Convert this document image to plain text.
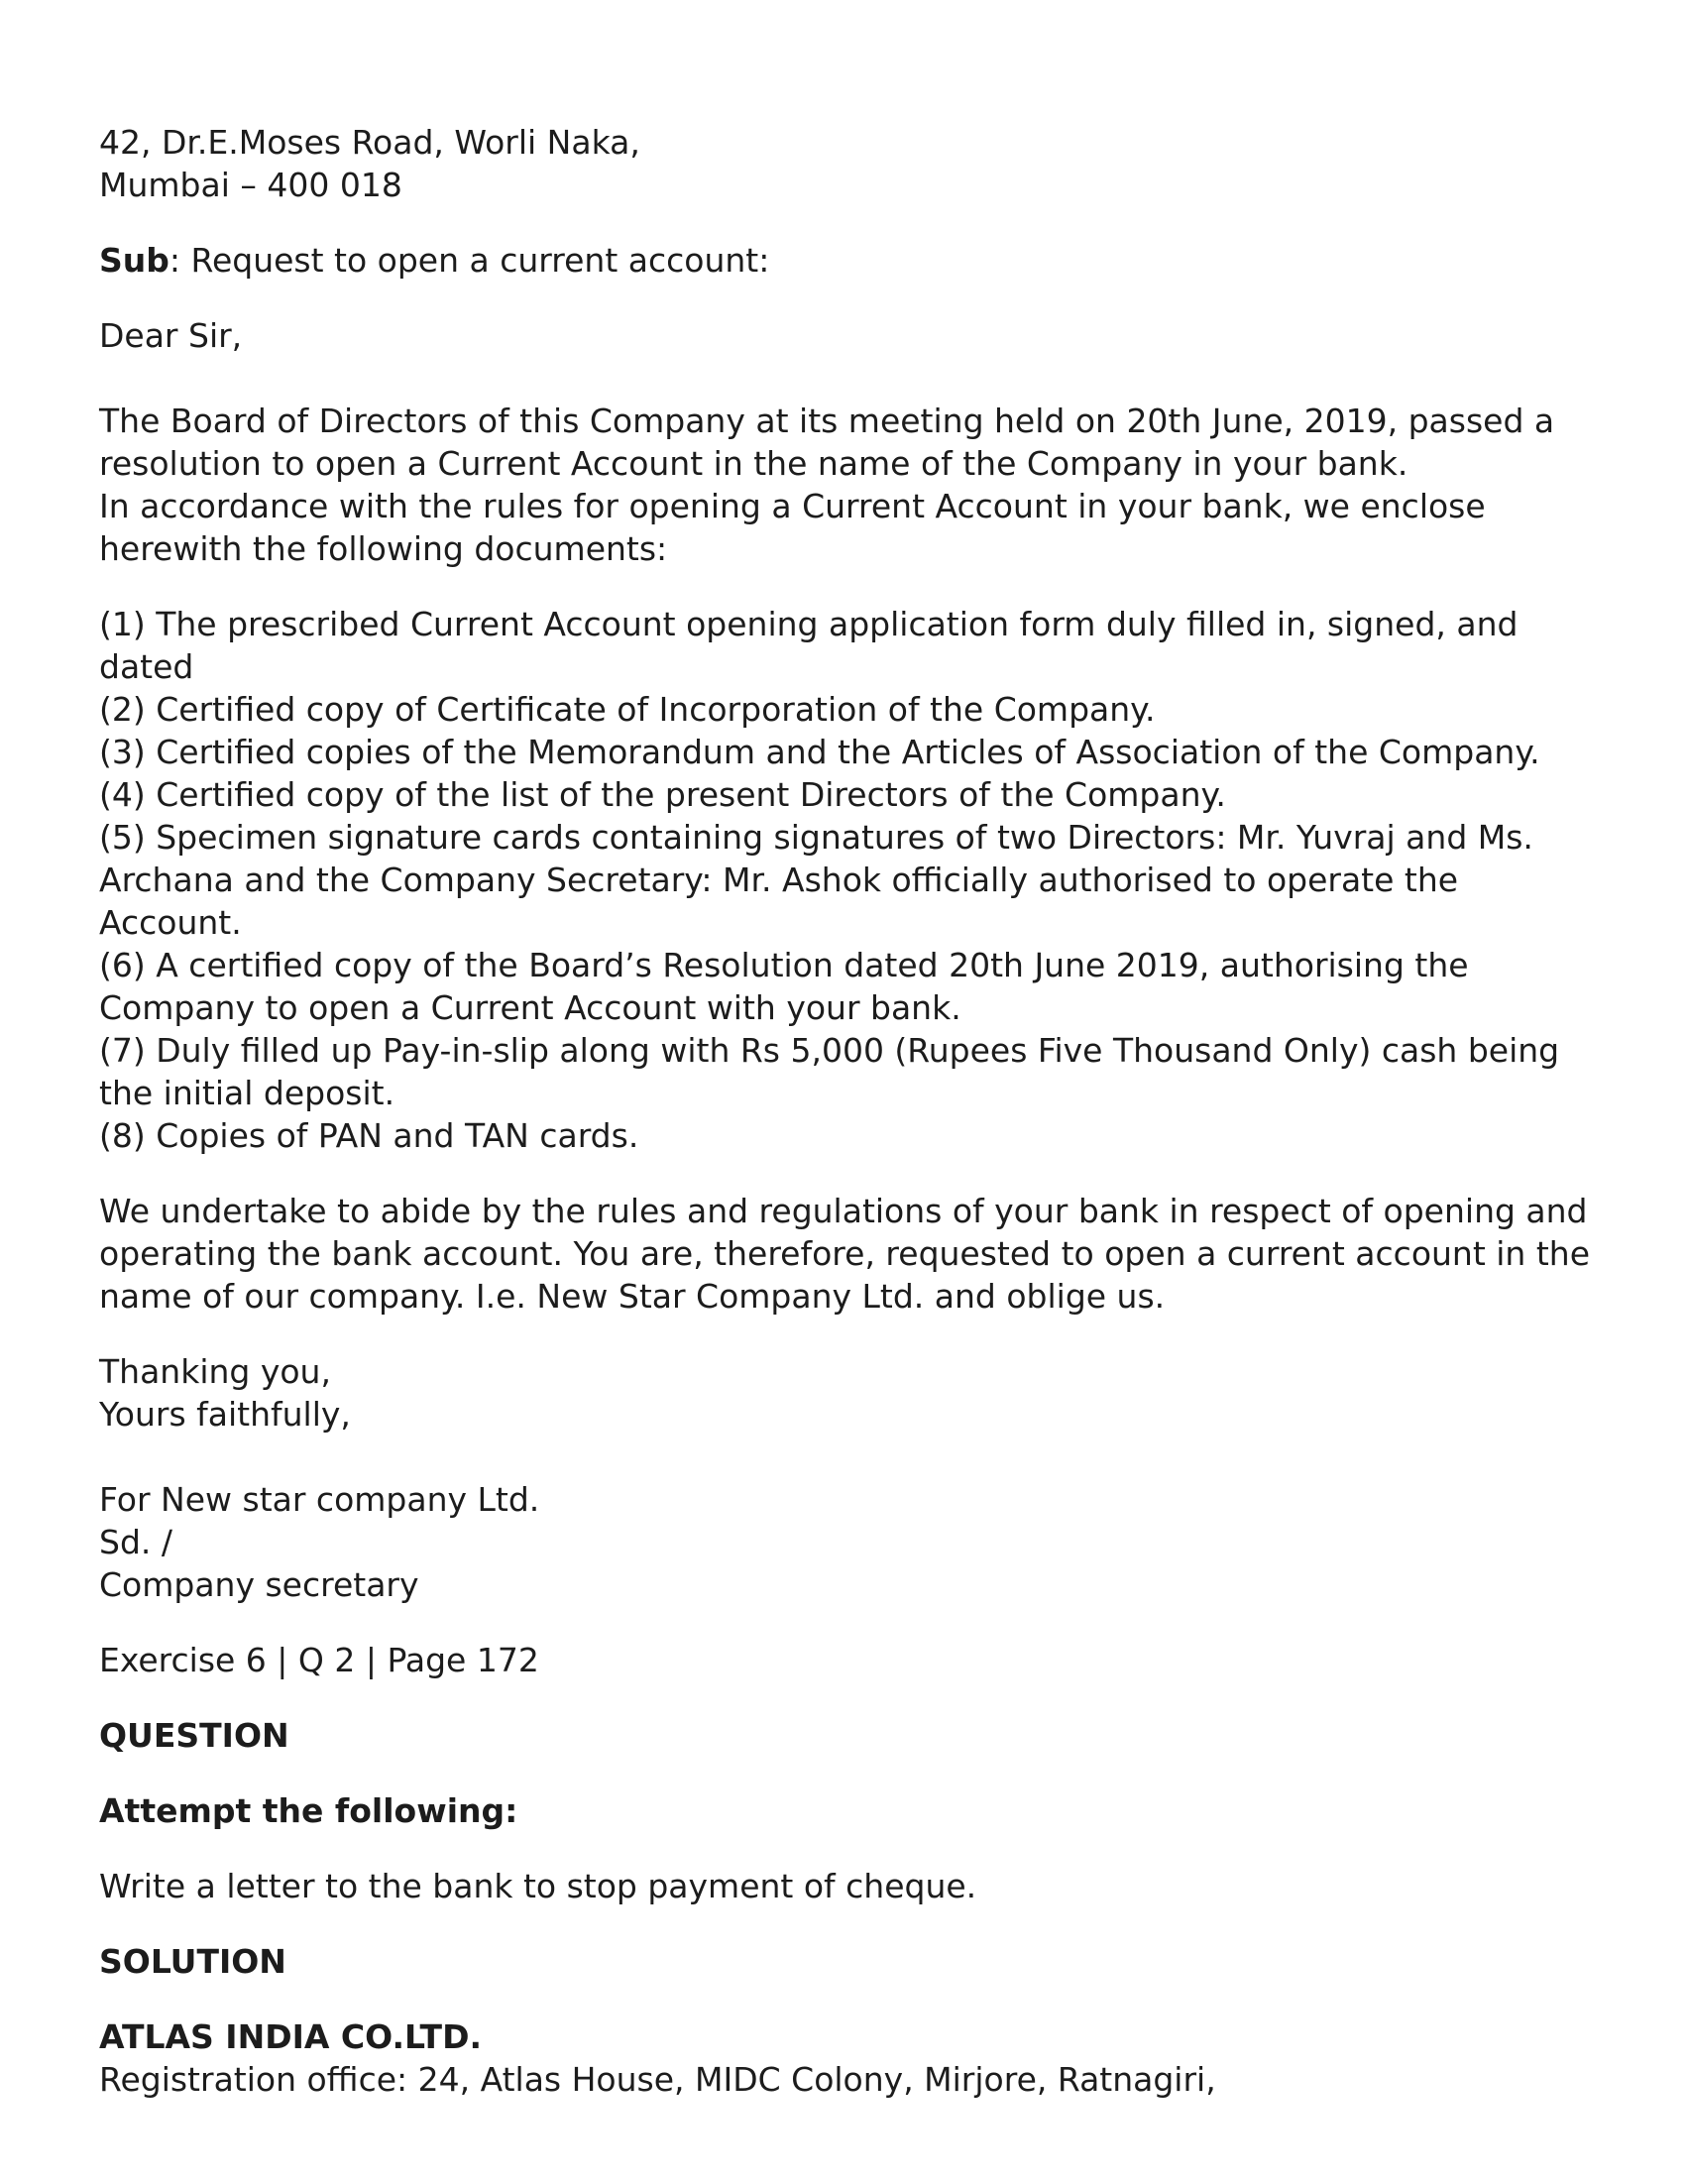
42, Dr.E.Moses Road, Worli Naka,
Mumbai – 400 018

Sub: Request to open a current account:

Dear Sir,

The Board of Directors of this Company at its meeting held on 20th June, 2019, passed a resolution to open a Current Account in the name of the Company in your bank.
In accordance with the rules for opening a Current Account in your bank, we enclose herewith the following documents:
(1) The prescribed Current Account opening application form duly filled in, signed, and dated
(2) Certified copy of Certificate of Incorporation of the Company.
(3) Certified copies of the Memorandum and the Articles of Association of the Company.
(4) Certified copy of the list of the present Directors of the Company.
(5) Specimen signature cards containing signatures of two Directors: Mr. Yuvraj and Ms. Archana and the Company Secretary: Mr. Ashok officially authorised to operate the Account.
(6) A certified copy of the Board’s Resolution dated 20th June 2019, authorising the Company to open a Current Account with your bank.
(7) Duly filled up Pay-in-slip along with Rs 5,000 (Rupees Five Thousand Only) cash being the initial deposit.
(8) Copies of PAN and TAN cards.

We undertake to abide by the rules and regulations of your bank in respect of opening and operating the bank account. You are, therefore, requested to open a current account in the name of our company. I.e. New Star Company Ltd. and oblige us.

Thanking you,
Yours faithfully,
For New star company Ltd.
Sd. /
Company secretary

Exercise 6 | Q 2 | Page 172

QUESTION

Attempt the following:

Write a letter to the bank to stop payment of cheque.

SOLUTION

ATLAS INDIA CO.LTD.
Registration office: 24, Atlas House, MIDC Colony, Mirjore, Ratnagiri,
